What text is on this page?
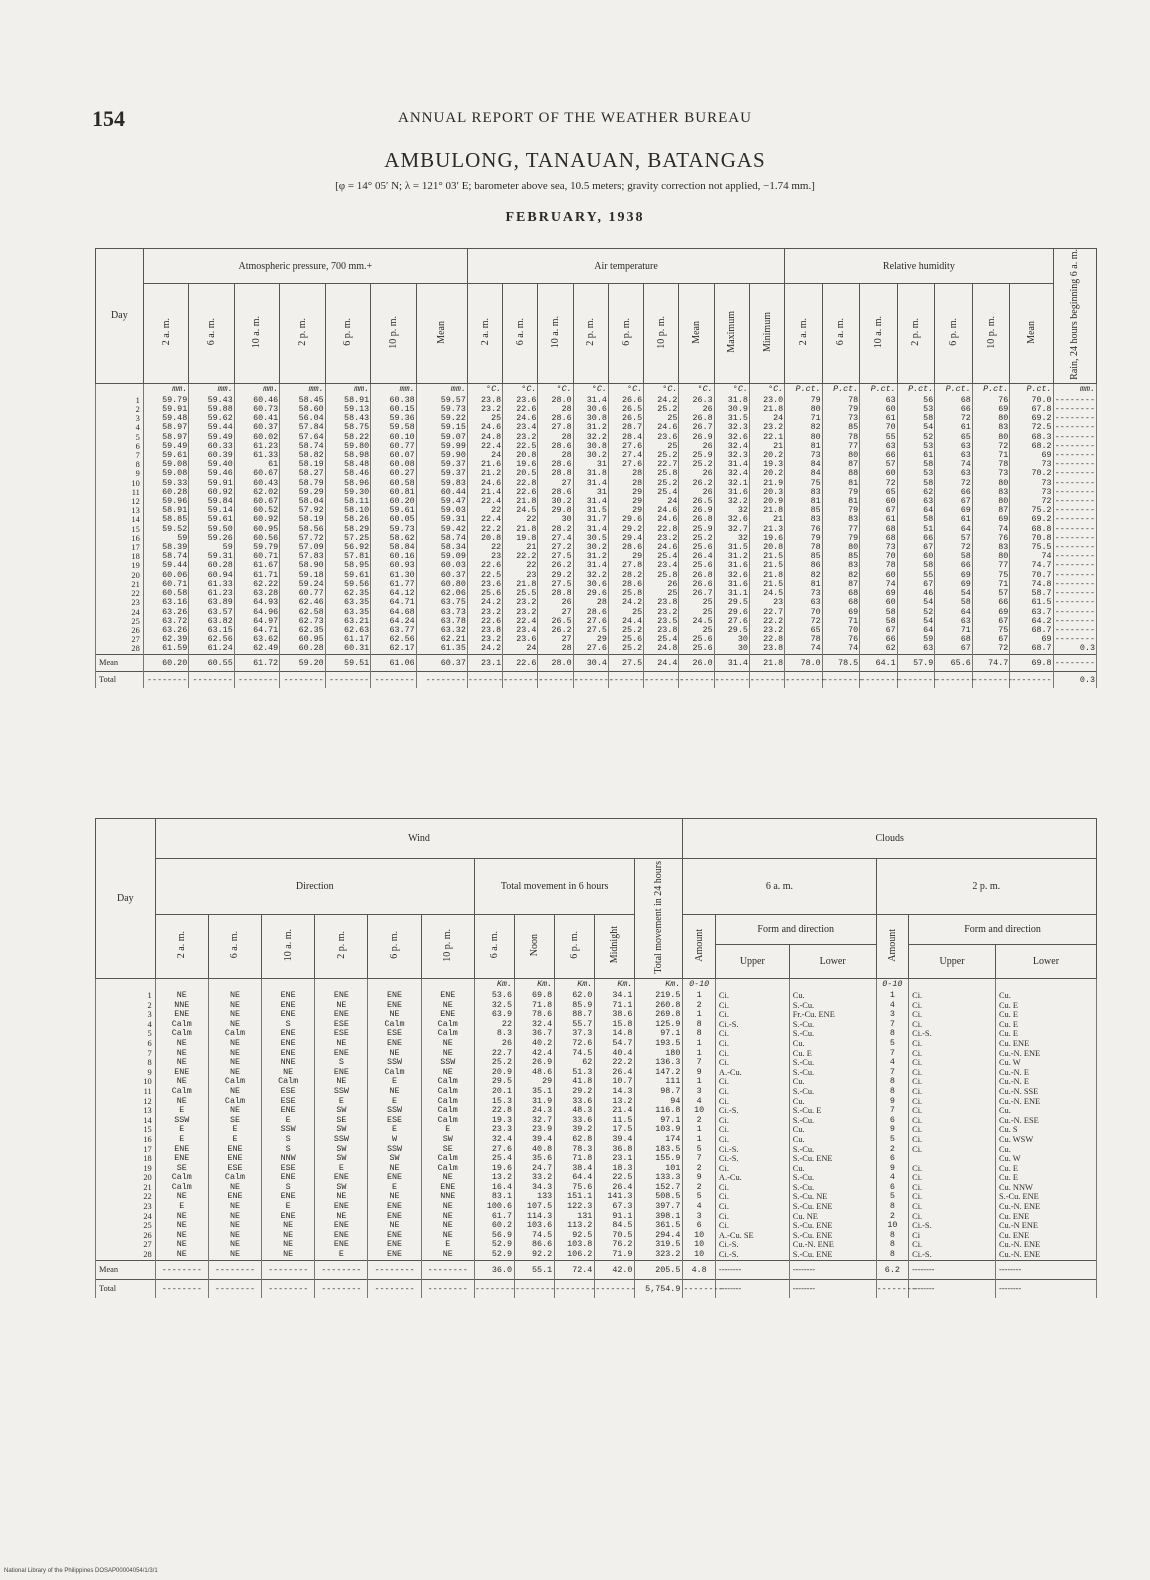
154	ANNUAL REPORT OF THE WEATHER BUREAU
AMBULONG, TANAUAN, BATANGAS
[φ = 14° 05′ N; λ = 121° 03′ E; barometer above sea, 10.5 meters; gravity correction not applied, −1.74 mm.]
FEBRUARY, 1938
Day	Atmospheric pressure, 700 mm.+							Air temperature									Relative humidity							Rain, 24 hours beginning 6 a. m.
	2 a. m.	6 a. m.	10 a. m.	2 p. m.	6 p. m.	10 p. m.	Mean	2 a. m.	6 a. m.	10 a. m.	2 p. m.	6 p. m.	10 p. m.	Mean	Maximum	Minimum	2 a. m.	6 a. m.	10 a. m.	2 p. m.	6 p. m.	10 p. m.	Mean	
	mm.	mm.	mm.	mm.	mm.	mm.	mm.	°C.	°C.	°C.	°C.	°C.	°C.	°C.	°C.	°C.	P.ct.	P.ct.	P.ct.	P.ct.	P.ct.	P.ct.	P.ct.	mm.
1	59.79	59.43	60.46	58.45	58.91	60.38	59.57	23.8	23.6	28.0	31.4	26.6	24.2	26.3	31.8	23.0	79	78	63	56	68	76	70.0	--------
2	59.91	59.88	60.73	58.60	59.13	60.15	59.73	23.2	22.6	28	30.6	26.5	25.2	26	30.9	21.8	80	79	60	53	66	69	67.8	--------
3	59.48	59.62	60.41	56.04	58.43	59.36	59.22	25	24.6	28.6	30.8	26.5	25	26.8	31.5	24	71	73	61	58	72	80	69.2	--------
4	58.97	59.44	60.37	57.84	58.75	59.58	59.15	24.6	23.4	27.8	31.2	28.7	24.6	26.7	32.3	23.2	82	85	70	54	61	83	72.5	--------
5	58.97	59.49	60.02	57.64	58.22	60.10	59.07	24.8	23.2	28	32.2	28.4	23.6	26.9	32.6	22.1	80	78	55	52	65	80	68.3	--------
6	59.49	60.33	61.23	58.74	59.80	60.77	59.99	22.4	22.5	28.6	30.8	27.6	25	26	32.4	21	81	77	63	53	63	72	68.2	--------
7	59.61	60.39	61.33	58.82	58.98	60.07	59.90	24	20.8	28	30.2	27.4	25.2	25.9	32.3	20.2	73	80	66	61	63	71	69	--------
8	59.08	59.40	61	58.19	58.48	60.08	59.37	21.6	19.6	28.6	31	27.6	22.7	25.2	31.4	19.3	84	87	57	58	74	78	73	--------
9	59.08	59.46	60.67	58.27	58.46	60.27	59.37	21.2	20.5	28.8	31.8	28	25.8	26	32.4	20.2	84	88	60	53	63	73	70.2	--------
10	59.33	59.91	60.43	58.79	58.96	60.58	59.83	24.6	22.8	27	31.4	28	25.2	26.2	32.1	21.9	75	81	72	58	72	80	73	--------
11	60.28	60.92	62.02	59.29	59.30	60.81	60.44	21.4	22.6	28.6	31	29	25.4	26	31.6	20.3	83	79	65	62	66	83	73	--------
12	59.96	59.84	60.67	58.04	58.11	60.20	59.47	22.4	21.8	30.2	31.4	29	24	26.5	32.2	20.9	81	81	60	63	67	80	72	--------
13	58.91	59.14	60.52	57.92	58.10	59.61	59.03	22	24.5	29.8	31.5	29	24.6	26.9	32	21.8	85	79	67	64	69	87	75.2	--------
14	58.85	59.61	60.92	58.19	58.26	60.05	59.31	22.4	22	30	31.7	29.6	24.6	26.8	32.6	21	83	83	61	58	61	69	69.2	--------
15	59.52	59.50	60.95	58.56	58.29	59.73	59.42	22.2	21.8	28.2	31.4	29.2	22.8	25.9	32.7	21.3	76	77	68	51	64	74	68.8	--------
16	59	59.26	60.56	57.72	57.25	58.62	58.74	20.8	19.8	27.4	30.5	29.4	23.2	25.2	32	19.6	79	79	68	66	57	76	70.8	--------
17	58.39	59	59.79	57.09	56.92	58.84	58.34	22	21	27.2	30.2	28.6	24.6	25.6	31.5	20.8	78	80	73	67	72	83	75.5	--------
18	58.74	59.31	60.71	57.83	57.81	60.16	59.09	23	22.2	27.5	31.2	29	25.4	26.4	31.2	21.5	85	85	70	60	58	80	74	--------
19	59.44	60.28	61.67	58.90	58.95	60.93	60.03	22.6	22	26.2	31.4	27.8	23.4	25.6	31.6	21.5	86	83	78	58	66	77	74.7	--------
20	60.06	60.94	61.71	59.18	59.61	61.30	60.37	22.5	23	29.2	32.2	28.2	25.8	26.8	32.6	21.8	82	82	60	55	69	75	70.7	--------
21	60.71	61.33	62.22	59.24	59.56	61.77	60.80	23.6	21.8	27.5	30.6	28.6	26	26.6	31.6	21.5	81	87	74	67	69	71	74.8	--------
22	60.58	61.23	63.28	60.77	62.35	64.12	62.06	25.6	25.5	28.8	29.6	25.8	25	26.7	31.1	24.5	73	68	69	46	54	57	58.7	--------
23	63.16	63.89	64.93	62.46	63.35	64.71	63.75	24.2	23.2	26	28	24.2	23.8	25	29.5	23	63	68	60	54	58	66	61.5	--------
24	63.26	63.57	64.96	62.58	63.35	64.68	63.73	23.2	23.2	27	28.6	25	23.2	25	29.6	22.7	70	69	58	52	64	69	63.7	--------
25	63.72	63.82	64.97	62.73	63.21	64.24	63.78	22.6	22.4	26.5	27.6	24.4	23.5	24.5	27.6	22.2	72	71	58	54	63	67	64.2	--------
26	63.26	63.15	64.71	62.35	62.63	63.77	63.32	23.8	23.4	26.2	27.5	25.2	23.8	25	29.5	23.2	65	70	67	64	71	75	68.7	--------
27	62.39	62.56	63.62	60.95	61.17	62.56	62.21	23.2	23.6	27	29	25.6	25.4	25.6	30	22.8	78	76	66	59	68	67	69	--------
28	61.59	61.24	62.49	60.28	60.31	62.17	61.35	24.2	24	28	27.6	25.2	24.8	25.6	30	23.8	74	74	62	63	67	72	68.7	0.3
Mean	60.20	60.55	61.72	59.20	59.51	61.06	60.37	23.1	22.6	28.0	30.4	27.5	24.4	26.0	31.4	21.8	78.0	78.5	64.1	57.9	65.6	74.7	69.8	--------
Total	--------	--------	--------	--------	--------	--------	--------	--------	--------	--------	--------	--------	--------	--------	--------	--------	--------	--------	--------	--------	--------	--------	--------	0.3
Day	Wind											Clouds					
	Direction						Total movement in 6 hours				Total movement in 24 hours	6 a. m.			2 p. m.		
	2 a. m.	6 a. m.	10 a. m.	2 p. m.	6 p. m.	10 p. m.	6 a. m.	Noon	6 p. m.	Midnight		Amount	Form and direction		Amount	Form and direction	
													Upper	Lower		Upper	Lower
							Km.	Km.	Km.	Km.	Km.	0-10			0-10		
1	NE	NE	ENE	ENE	ENE	ENE	53.6	69.8	62.0	34.1	219.5	1	Ci.	Cu.	1	Ci.	Cu.
2	NNE	NE	ENE	NE	ENE	NE	32.5	71.8	85.9	71.1	260.8	2	Ci.	S.-Cu.	4	Ci.	Cu. E
3	ENE	NE	ENE	ENE	NE	ENE	63.9	78.6	88.7	38.6	269.8	1	Ci.	Fr.-Cu. ENE	3	Ci.	Cu. E
4	Calm	NE	S	ESE	Calm	Calm	22	32.4	55.7	15.8	125.9	8	Ci.-S.	S.-Cu.	7	Ci.	Cu. E
5	Calm	Calm	ENE	ESE	ESE	Calm	8.3	36.7	37.3	14.8	97.1	8	Ci.	S.-Cu.	8	Ci.-S.	Cu. E
6	NE	NE	ENE	NE	ENE	NE	26	40.2	72.6	54.7	193.5	1	Ci.	Cu.	5	Ci.	Cu. ENE
7	NE	NE	ENE	ENE	NE	NE	22.7	42.4	74.5	40.4	180	1	Ci.	Cu. E	7	Ci.	Cu.-N. ENE
8	NE	NE	NNE	S	SSW	SSW	25.2	26.9	62	22.2	136.3	7	Ci.	S.-Cu.	4	Ci.	Cu. W
9	ENE	NE	NE	ENE	Calm	NE	20.9	48.6	51.3	26.4	147.2	9	A.-Cu.	S.-Cu.	7	Ci.	Cu.-N. E
10	NE	Calm	Calm	NE	E	Calm	29.5	29	41.8	10.7	111	1	Ci.	Cu.	8	Ci.	Cu.-N. E
11	Calm	NE	ESE	SSW	NE	Calm	20.1	35.1	29.2	14.3	98.7	3	Ci.	S.-Cu.	8	Ci.	Cu.-N. SSE
12	NE	Calm	ESE	E	E	Calm	15.3	31.9	33.6	13.2	94	4	Ci.	Cu.	9	Ci.	Cu.-N. ENE
13	E	NE	ENE	SW	SSW	Calm	22.8	24.3	48.3	21.4	116.8	10	Ci.-S.	S.-Cu. E	7	Ci.	Cu.
14	SSW	SE	E	SE	ESE	Calm	19.3	32.7	33.6	11.5	97.1	2	Ci.	S.-Cu.	6	Ci.	Cu.-N. ESE
15	E	E	SSW	SW	E	E	23.3	23.9	39.2	17.5	103.9	1	Ci.	Cu.	9	Ci.	Cu. S
16	E	E	S	SSW	W	SW	32.4	39.4	62.8	39.4	174	1	Ci.	Cu.	5	Ci.	Cu. WSW
17	ENE	ENE	S	SW	SSW	SE	27.6	40.8	78.3	36.8	183.5	5	Ci.-S.	S.-Cu.	2	Ci.	Cu.
18	ENE	ENE	NNW	SW	SW	Calm	25.4	35.6	71.8	23.1	155.9	7	Ci.-S.	S.-Cu. ENE	6		Cu. W
19	SE	ESE	ESE	E	NE	Calm	19.6	24.7	38.4	18.3	101	2	Ci.	Cu.	9	Ci.	Cu. E
20	Calm	Calm	ENE	ENE	ENE	NE	13.2	33.2	64.4	22.5	133.3	9	A.-Cu.	S.-Cu.	4	Ci.	Cu. E
21	Calm	NE	S	SW	E	ENE	16.4	34.3	75.6	26.4	152.7	2	Ci.	S.-Cu.	6	Ci.	Cu. NNW
22	NE	ENE	ENE	NE	NE	NNE	83.1	133	151.1	141.3	508.5	5	Ci.	S.-Cu. NE	5	Ci.	S.-Cu. ENE
23	E	NE	E	ENE	ENE	NE	100.6	107.5	122.3	67.3	397.7	4	Ci.	S.-Cu. ENE	8	Ci.	Cu.-N. ENE
24	NE	NE	ENE	NE	ENE	NE	61.7	114.3	131	91.1	398.1	3	Ci.	Cu. NE	2	Ci.	Cu. ENE
25	NE	NE	NE	ENE	NE	NE	60.2	103.6	113.2	84.5	361.5	6	Ci.	S.-Cu. ENE	10	Ci.-S.	Cu.-N ENE
26	NE	NE	NE	ENE	ENE	NE	56.9	74.5	92.5	70.5	294.4	10	A.-Cu. SE	S.-Cu. ENE	8	Ci	Cu. ENE
27	NE	NE	NE	ENE	ENE	E	52.9	86.6	103.8	76.2	319.5	10	Ci.-S.	Cu.-N. ENE	8	Ci.	Cu.-N. ENE
28	NE	NE	NE	E	ENE	NE	52.9	92.2	106.2	71.9	323.2	10	Ci.-S.	S.-Cu. ENE	8	Ci.-S.	Cu.-N. ENE
Mean	--------	--------	--------	--------	--------	--------	36.0	55.1	72.4	42.0	205.5	4.8	--------	--------	6.2	--------	--------
Total	--------	--------	--------	--------	--------	--------	--------	--------	--------	--------	5,754.9	--------	--------	--------	--------	--------	--------
National Library of the Philippines DOSAP00004054/1/3/1
